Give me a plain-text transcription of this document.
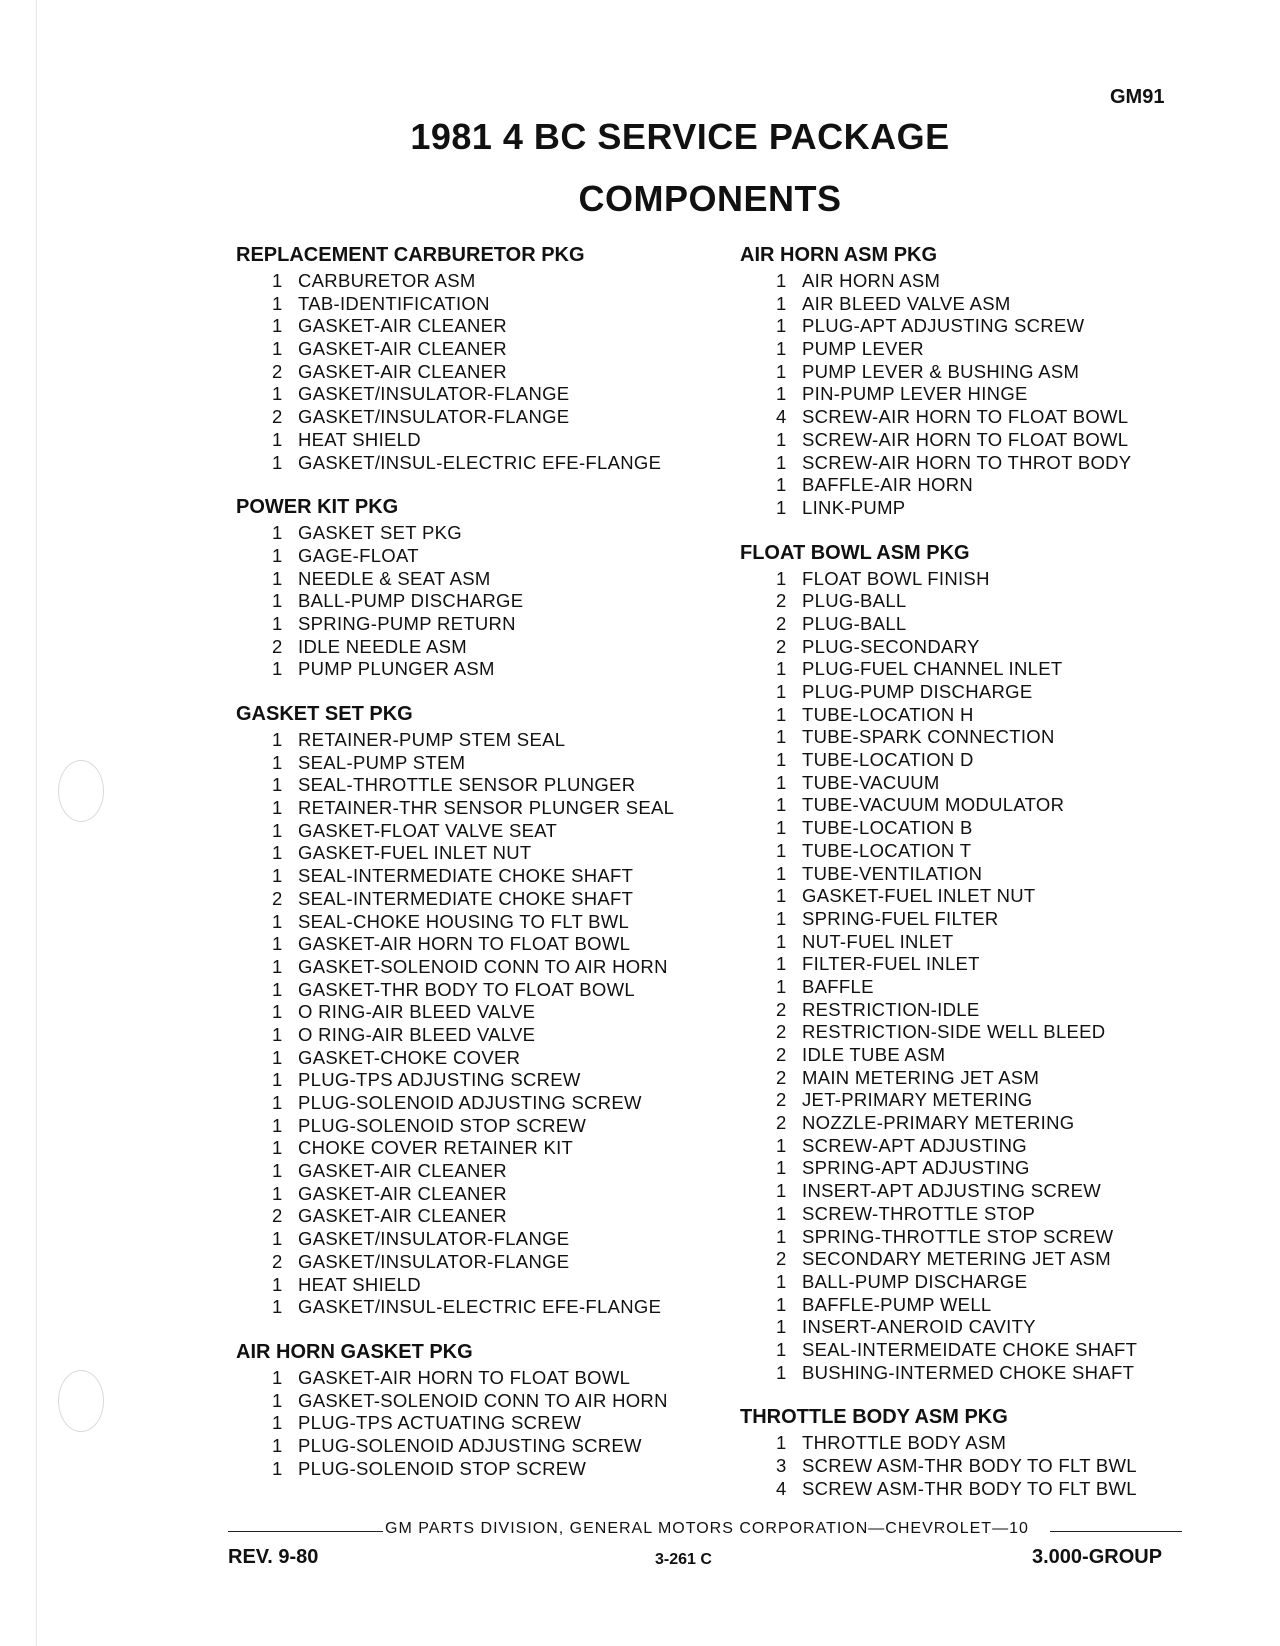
GM91
1981 4 BC SERVICE PACKAGE
COMPONENTS
REPLACEMENT CARBURETOR PKG
1 CARBURETOR ASM
1 TAB-IDENTIFICATION
1 GASKET-AIR CLEANER
1 GASKET-AIR CLEANER
2 GASKET-AIR CLEANER
1 GASKET/INSULATOR-FLANGE
2 GASKET/INSULATOR-FLANGE
1 HEAT SHIELD
1 GASKET/INSUL-ELECTRIC EFE-FLANGE
POWER KIT PKG
1 GASKET SET PKG
1 GAGE-FLOAT
1 NEEDLE & SEAT ASM
1 BALL-PUMP DISCHARGE
1 SPRING-PUMP RETURN
2 IDLE NEEDLE ASM
1 PUMP PLUNGER ASM
GASKET SET PKG
1 RETAINER-PUMP STEM SEAL
1 SEAL-PUMP STEM
1 SEAL-THROTTLE SENSOR PLUNGER
1 RETAINER-THR SENSOR PLUNGER SEAL
1 GASKET-FLOAT VALVE SEAT
1 GASKET-FUEL INLET NUT
1 SEAL-INTERMEDIATE CHOKE SHAFT
2 SEAL-INTERMEDIATE CHOKE SHAFT
1 SEAL-CHOKE HOUSING TO FLT BWL
1 GASKET-AIR HORN TO FLOAT BOWL
1 GASKET-SOLENOID CONN TO AIR HORN
1 GASKET-THR BODY TO FLOAT BOWL
1 O RING-AIR BLEED VALVE
1 O RING-AIR BLEED VALVE
1 GASKET-CHOKE COVER
1 PLUG-TPS ADJUSTING SCREW
1 PLUG-SOLENOID ADJUSTING SCREW
1 PLUG-SOLENOID STOP SCREW
1 CHOKE COVER RETAINER KIT
1 GASKET-AIR CLEANER
1 GASKET-AIR CLEANER
2 GASKET-AIR CLEANER
1 GASKET/INSULATOR-FLANGE
2 GASKET/INSULATOR-FLANGE
1 HEAT SHIELD
1 GASKET/INSUL-ELECTRIC EFE-FLANGE
AIR HORN GASKET PKG
1 GASKET-AIR HORN TO FLOAT BOWL
1 GASKET-SOLENOID CONN TO AIR HORN
1 PLUG-TPS ACTUATING SCREW
1 PLUG-SOLENOID ADJUSTING SCREW
1 PLUG-SOLENOID STOP SCREW
AIR HORN ASM PKG
1 AIR HORN ASM
1 AIR BLEED VALVE ASM
1 PLUG-APT ADJUSTING SCREW
1 PUMP LEVER
1 PUMP LEVER & BUSHING ASM
1 PIN-PUMP LEVER HINGE
4 SCREW-AIR HORN TO FLOAT BOWL
1 SCREW-AIR HORN TO FLOAT BOWL
1 SCREW-AIR HORN TO THROT BODY
1 BAFFLE-AIR HORN
1 LINK-PUMP
FLOAT BOWL ASM PKG
1 FLOAT BOWL FINISH
2 PLUG-BALL
2 PLUG-BALL
2 PLUG-SECONDARY
1 PLUG-FUEL CHANNEL INLET
1 PLUG-PUMP DISCHARGE
1 TUBE-LOCATION H
1 TUBE-SPARK CONNECTION
1 TUBE-LOCATION D
1 TUBE-VACUUM
1 TUBE-VACUUM MODULATOR
1 TUBE-LOCATION B
1 TUBE-LOCATION T
1 TUBE-VENTILATION
1 GASKET-FUEL INLET NUT
1 SPRING-FUEL FILTER
1 NUT-FUEL INLET
1 FILTER-FUEL INLET
1 BAFFLE
2 RESTRICTION-IDLE
2 RESTRICTION-SIDE WELL BLEED
2 IDLE TUBE ASM
2 MAIN METERING JET ASM
2 JET-PRIMARY METERING
2 NOZZLE-PRIMARY METERING
1 SCREW-APT ADJUSTING
1 SPRING-APT ADJUSTING
1 INSERT-APT ADJUSTING SCREW
1 SCREW-THROTTLE STOP
1 SPRING-THROTTLE STOP SCREW
2 SECONDARY METERING JET ASM
1 BALL-PUMP DISCHARGE
1 BAFFLE-PUMP WELL
1 INSERT-ANEROID CAVITY
1 SEAL-INTERMEIDATE CHOKE SHAFT
1 BUSHING-INTERMED CHOKE SHAFT
THROTTLE BODY ASM PKG
1 THROTTLE BODY ASM
3 SCREW ASM-THR BODY TO FLT BWL
4 SCREW ASM-THR BODY TO FLT BWL
GM PARTS DIVISION, GENERAL MOTORS CORPORATION—CHEVROLET—10
REV. 9-80	3-261 C	3.000-GROUP
